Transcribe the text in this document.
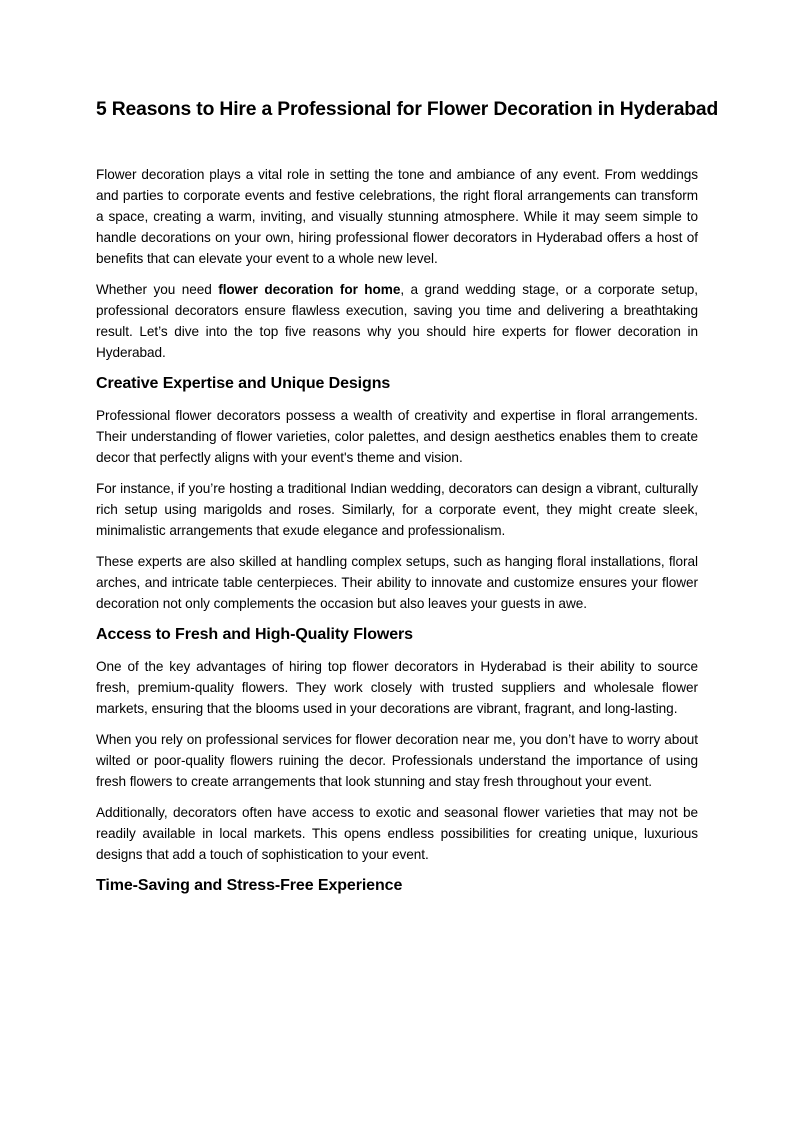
5 Reasons to Hire a Professional for Flower Decoration in Hyderabad

Flower decoration plays a vital role in setting the tone and ambiance of any event. From weddings and parties to corporate events and festive celebrations, the right floral arrangements can transform a space, creating a warm, inviting, and visually stunning atmosphere. While it may seem simple to handle decorations on your own, hiring professional flower decorators in Hyderabad offers a host of benefits that can elevate your event to a whole new level.

Whether you need flower decoration for home, a grand wedding stage, or a corporate setup, professional decorators ensure flawless execution, saving you time and delivering a breathtaking result. Let’s dive into the top five reasons why you should hire experts for flower decoration in Hyderabad.

Creative Expertise and Unique Designs

Professional flower decorators possess a wealth of creativity and expertise in floral arrangements. Their understanding of flower varieties, color palettes, and design aesthetics enables them to create decor that perfectly aligns with your event's theme and vision.

For instance, if you’re hosting a traditional Indian wedding, decorators can design a vibrant, culturally rich setup using marigolds and roses. Similarly, for a corporate event, they might create sleek, minimalistic arrangements that exude elegance and professionalism.

These experts are also skilled at handling complex setups, such as hanging floral installations, floral arches, and intricate table centerpieces. Their ability to innovate and customize ensures your flower decoration not only complements the occasion but also leaves your guests in awe.

Access to Fresh and High-Quality Flowers

One of the key advantages of hiring top flower decorators in Hyderabad is their ability to source fresh, premium-quality flowers. They work closely with trusted suppliers and wholesale flower markets, ensuring that the blooms used in your decorations are vibrant, fragrant, and long-lasting.

When you rely on professional services for flower decoration near me, you don’t have to worry about wilted or poor-quality flowers ruining the decor. Professionals understand the importance of using fresh flowers to create arrangements that look stunning and stay fresh throughout your event.

Additionally, decorators often have access to exotic and seasonal flower varieties that may not be readily available in local markets. This opens endless possibilities for creating unique, luxurious designs that add a touch of sophistication to your event.

Time-Saving and Stress-Free Experience
